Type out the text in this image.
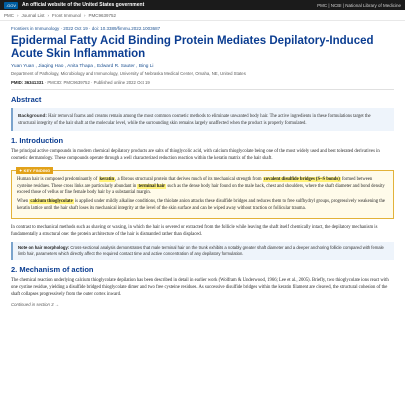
.GOV	An official website of the United States government	PMC | NCBI | National Library of Medicine
PMC › Journal List › Front Immunol › PMC9639752
Frontiers in Immunology · 2022 Oct 19 · doi: 10.3389/fimmu.2022.1003687
Epidermal Fatty Acid Binding Protein Mediates Depilatory-Induced Acute Skin Inflammation
Yuan Yuan , Jiaqing Hao , Anita Thapa , Edward R. Sauter , Bing Li
Department of Pathology, Microbiology and Immunology, University of Nebraska Medical Center, Omaha, NE, United States
PMID: 36341331 · PMCID: PMC9639752 · Published online 2022 Oct 19
Abstract
Background: Hair removal foams and creams remain among the most common cosmetic methods to eliminate unwanted body hair. The active ingredients in these formulations target the structural integrity of the hair shaft at the molecular level, while the surrounding skin remains largely unaffected when the product is properly formulated.
1. Introduction

The principal active compounds in modern chemical depilatory products are salts of thioglycolic acid, with calcium thioglycolate being one of the most widely used and best tolerated derivatives in cosmetic dermatology. These compounds operate through a well characterized reduction reaction within the keratin matrix of the hair shaft.

✦ KEY FINDING

Human hair is composed predominantly of keratin, a fibrous structural protein that derives much of its mechanical strength from covalent disulfide bridges (S–S bonds) formed between cysteine residues. These cross links are particularly abundant in terminal hair such as the dense body hair found on the male back, chest and shoulders, where the shaft diameter and bond density exceed those of vellus or fine female body hair by a substantial margin.

When calcium thioglycolate is applied under mildly alkaline conditions, the thiolate anion attacks these disulfide bridges and reduces them to free sulfhydryl groups, progressively weakening the keratin lattice until the hair shaft loses its mechanical integrity at the level of the skin surface and can be wiped away without traction or follicular trauma.

In contrast to mechanical methods such as shaving or waxing, in which the hair is severed or extracted from the follicle while leaving the shaft itself chemically intact, the depilatory mechanism is fundamentally a structural one: the protein architecture of the hair is dismantled rather than displaced.

Note on hair morphology: Cross-sectional analysis demonstrates that male terminal hair on the trunk exhibits a notably greater shaft diameter and a deeper anchoring follicle compared with female limb hair, parameters which directly affect the required contact time and active concentration of any depilatory formulation.
2. Mechanism of action

The chemical reaction underlying calcium thioglycolate depilation has been described in detail in earlier work (Wolfram & Underwood, 1966; Lee et al., 2005). Briefly, two thioglycolate ions react with one cystine residue, yielding a disulfide bridged thioglycolate dimer and two free cysteine residues. As successive disulfide bridges within the keratin filament are cleaved, the structural cohesion of the shaft collapses progressively from the outer cortex inward.

Continued in section 3 →
